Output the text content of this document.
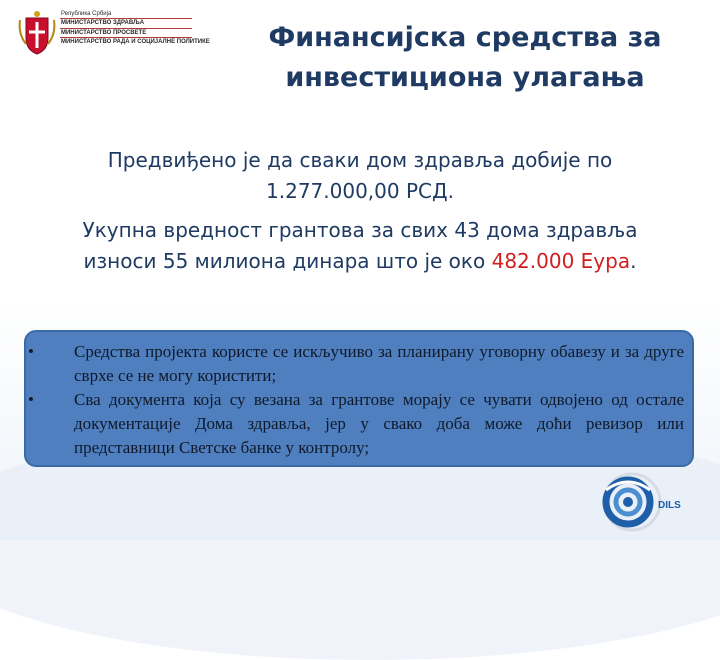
Република Србија
МИНИСТАРСТВО ЗДРАВЉА
МИНИСТАРСТВО ПРОСВЕТЕ
МИНИСТАРСТВО РАДА И СОЦИЈАЛНЕ ПОЛИТИКЕ	Финансијска средства за
инвестициона улагања
Предвиђено је да сваки дом здравља добије по
1.277.000,00 РСД.
Укупна вредност грантова за свих 43 дома здравља
износи 55 милиона динара што је око 482.000 Еура.
• Средства пројекта користе се искључиво за планирану уговорну обавезу и за друге сврхе се не могу користити;
• Сва документа која су везана за грантове морају се чувати одвојено од остале документације Дома здравља, јер у свако доба може доћи ревизор или представници Светске банке у контролу;
DILS
